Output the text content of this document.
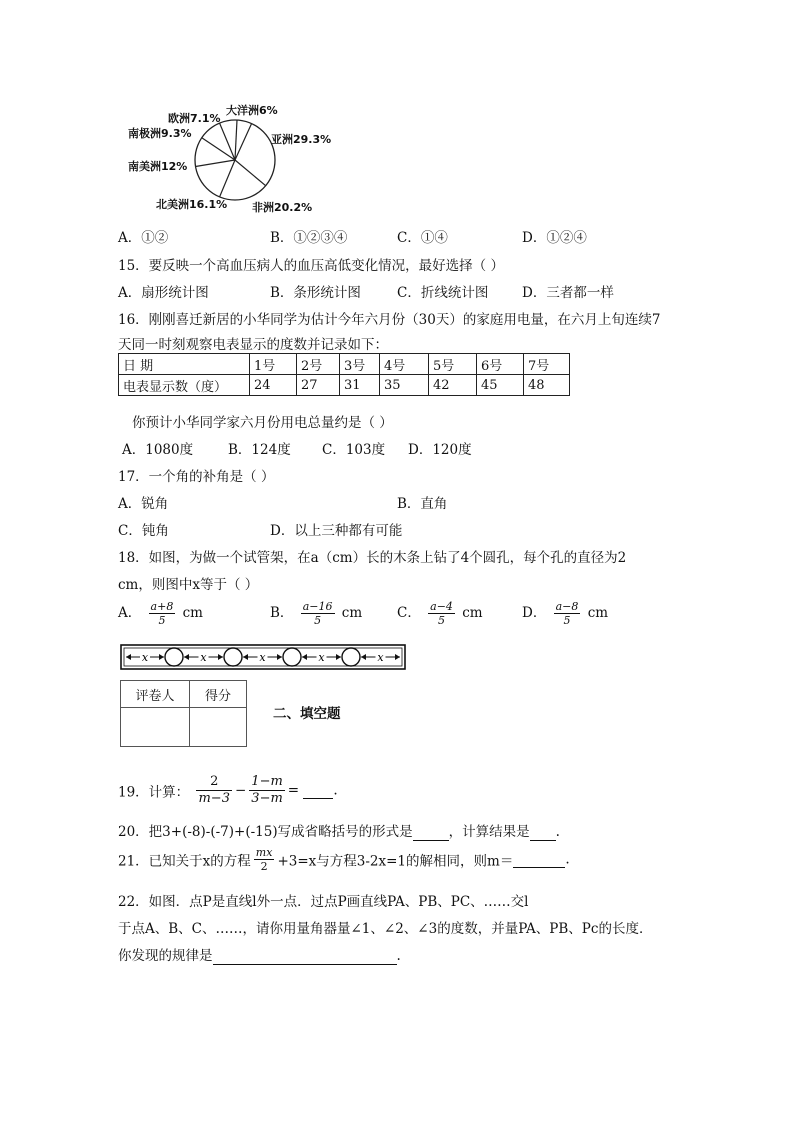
大洋洲6%
亚洲29.3%
非洲20.2%
北美洲16.1%
南美洲12%
南极洲9.3%
欧洲7.1%
A．①②	B．①②③④	C．①④	D．①②④
15．要反映一个高血压病人的血压高低变化情况，最好选择（ ）
A．扇形统计图	B．条形统计图	C．折线统计图 D．三者都一样
16．刚刚喜迁新居的小华同学为估计今年六月份（30天）的家庭用电量，在六月上旬连续7
天同一时刻观察电表显示的度数并记录如下：
日 期	1号	2号	3号	4号	5号	6号	7号
电表显示数（度）	24	27	31	35	42	45	48
你预计小华同学家六月份用电总量约是（ ）
A．1080度	B．124度 C．103度 D．120度
17．一个角的补角是（ ）
A．锐角	B．直角
C．钝角	D．以上三种都有可能
18．如图，为做一个试管架，在a（cm）长的木条上钻了4个圆孔，每个孔的直径为2
cm，则图中x等于（ ）
A． $\frac{a+8}{5}$ cm	B． $\frac{a-16}{5}$ cm	C． $\frac{a-4}{5}$ cm	D． $\frac{a-8}{5}$ cm
x	x	x	x	x
评卷人	得分

二、填空题
19．计算： $\frac{2}{m-3} - \frac{1-m}{3-m}$ =	.
20．把3+(-8)-(-7)+(-15)写成省略括号的形式是	，计算结果是 .
21．已知关于x的方程 $\frac{mx}{2} +3=x$与方程3-2x=1的解相同，则m＝	.
22．如图．点P是直线l外一点．过点P画直线PA、PB、PC、……交l
于点A、B、C、……，请你用量角器量∠1、∠2、∠3的度数，并量PA、PB、Pc的长度．
你发现的规律是	.
